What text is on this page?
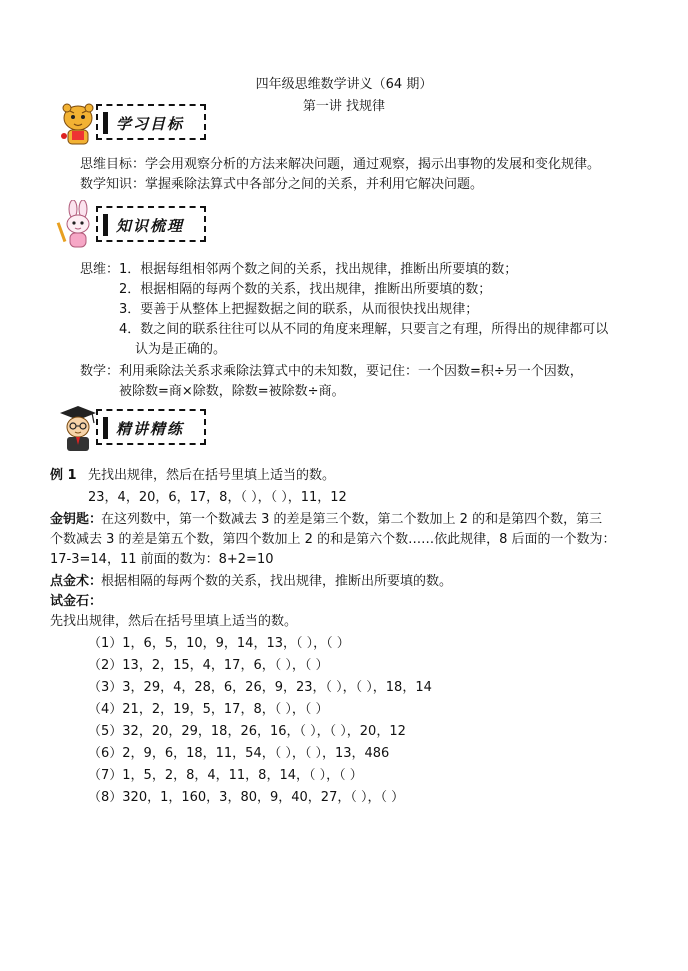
四年级思维数学讲义（64 期）
第一讲 找规律
学习目标
思维目标：学会用观察分析的方法来解决问题，通过观察，揭示出事物的发展和变化规律。
数学知识：掌握乘除法算式中各部分之间的关系，并利用它解决问题。
知识梳理
思维： 1．根据每组相邻两个数之间的关系，找出规律，推断出所要填的数；
2．根据相隔的每两个数的关系，找出规律，推断出所要填的数；
3．要善于从整体上把握数据之间的联系，从而很快找出规律；
4．数之间的联系往往可以从不同的角度来理解，只要言之有理，所得出的规律都可以
认为是正确的。
数学： 利用乘除法关系求乘除法算式中的未知数，要记住：一个因数=积÷另一个因数，
被除数=商×除数，除数=被除数÷商。
精讲精练
例 1 先找出规律，然后在括号里填上适当的数。
23，4，20，6，17，8，（ ），（ ），11，12
金钥匙：
在这列数中，第一个数减去 3 的差是第三个数，第二个数加上 2 的和是第四个数，第三
个数减去 3 的差是第五个数，第四个数加上 2 的和是第六个数……依此规律，8 后面的一个数为：
17-3=14，11 前面的数为：8+2=10
点金术：
根据相隔的每两个数的关系，找出规律，推断出所要填的数。
试金石：
先找出规律，然后在括号里填上适当的数。
（1）1，6，5，10，9，14，13，（ ），（ ）
（2）13，2，15，4，17，6，（ ），（ ）
（3）3，29，4，28，6，26，9，23，（ ），（ ），18，14
（4）21，2，19，5，17，8，（ ），（ ）
（5）32，20，29，18，26，16，（ ），（ ），20，12
（6）2，9，6，18，11，54，（ ），（ ），13，486
（7）1，5，2，8，4，11，8，14，（ ），（ ）
（8）320，1，160，3，80，9，40，27，（ ），（ ）
